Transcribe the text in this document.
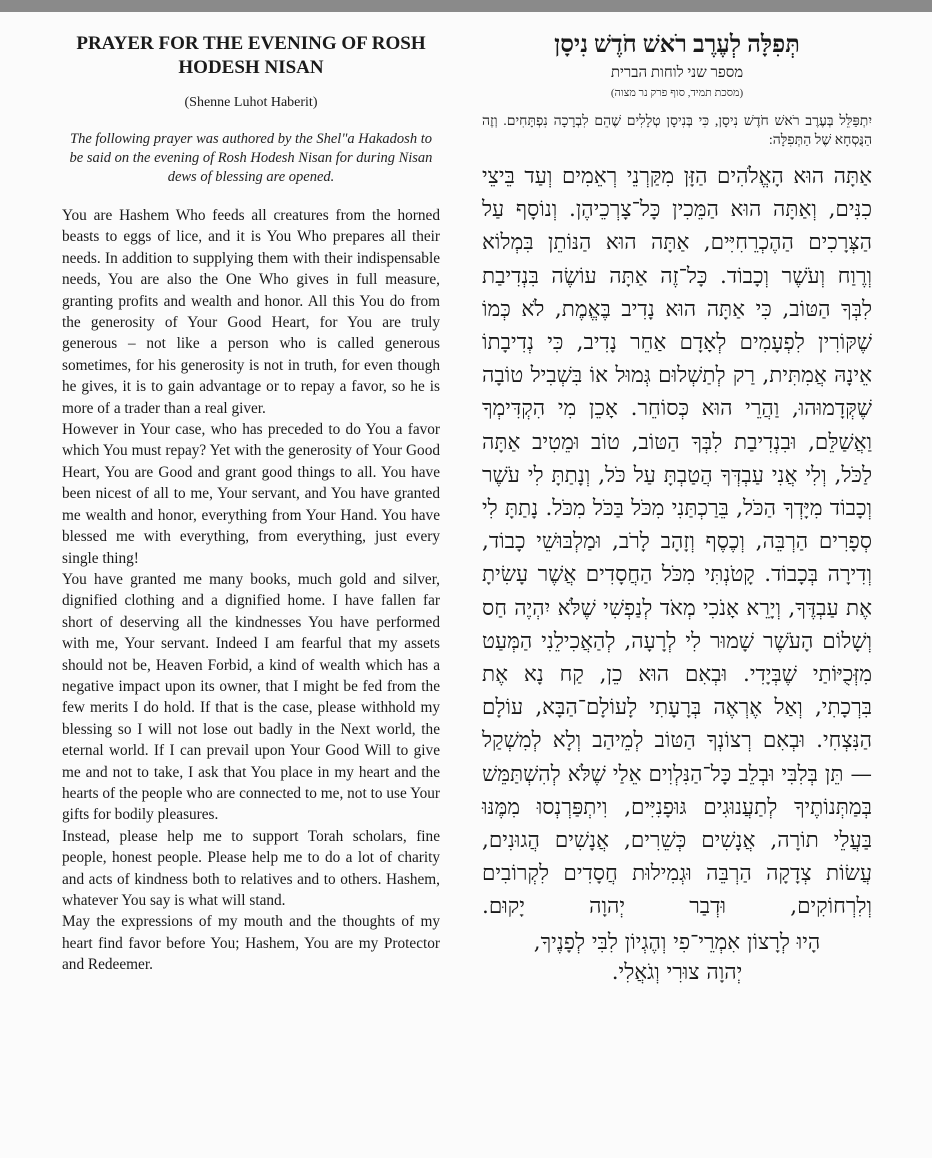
PRAYER FOR THE EVENING OF ROSH HODESH NISAN
(Shenne Luhot Haberit)
The following prayer was authored by the Shel"a Hakadosh to be said on the evening of Rosh Hodesh Nisan for during Nisan dews of blessing are opened.

You are Hashem Who feeds all creatures from the horned beasts to eggs of lice, and it is You Who prepares all their needs. In addition to supplying them with their indispensable needs, You are also the One Who gives in full measure, granting profits and wealth and honor. All this You do from the generosity of Your Good Heart, for You are truly generous – not like a person who is called generous sometimes, for his generosity is not in truth, for even though he gives, it is to gain advantage or to repay a favor, so he is more of a trader than a real giver.

However in Your case, who has preceded to do You a favor which You must repay? Yet with the generosity of Your Good Heart, You are Good and grant good things to all. You have been nicest of all to me, Your servant, and You have granted me wealth and honor, everything from Your Hand. You have blessed me with everything, from everything, just every single thing!

You have granted me many books, much gold and silver, dignified clothing and a dignified home. I have fallen far short of deserving all the kindnesses You have performed with me, Your servant. Indeed I am fearful that my assets should not be, Heaven Forbid, a kind of wealth which has a negative impact upon its owner, that I might be fed from the few merits I do hold. If that is the case, please withhold my blessing so I will not lose out badly in the Next world, the eternal world. If I can prevail upon Your Good Will to give me and not to take, I ask that You place in my heart and the hearts of the people who are connected to me, not to use Your gifts for bodily pleasures.

Instead, please help me to support Torah scholars, fine people, honest people. Please help me to do a lot of charity and acts of kindness both to relatives and to others. Hashem, whatever You say is what will stand.

May the expressions of my mouth and the thoughts of my heart find favor before You; Hashem, You are my Protector and Redeemer.

תְּפִלָּה לְעֶרֶב רֹאשׁ חֹדֶשׁ נִיסָן
מספר שני לוחות הברית
(מסכת תמיד, סוף פרק נר מצוה)
יִתְפַּלֵּל בְּעֶרֶב רֹאשׁ חֹדֶשׁ נִיסָן, כִּי בְּנִיסָן טְלָלִים שֶׁהֵם לִבְרָכָה נִפְתָּחִים. וְזֶה הַנֻּסְחָא שֶׁל הַתְּפִלָּה:
אַתָּה הוּא הָאֱלֹהִים הַזָּן מִקַּרְנֵי רְאֵמִים וְעַד בֵּיצֵי כִנִּים, וְאַתָּה הוּא הַמֵּכִין כָּל־צָרְכֵיהֶן. וְנוֹסָף עַל הַצְּרָכִים הַהֶכְרֵחִיִּים, אַתָּה הוּא הַנּוֹתֵן בִּמְלוֹא וְרֶוַח וְעֹשֶׁר וְכָבוֹד. כָּל־זֶה אַתָּה עוֹשֶׂה בִּנְדִיבַת לִבְּךָ הַטּוֹב, כִּי אַתָּה הוּא נָדִיב בֶּאֱמֶת, לֹא כְּמוֹ שֶׁקּוֹרִין לִפְעָמִים לְאָדָם אַחֵר נָדִיב, כִּי נְדִיבָתוֹ אֵינָהּ אֲמִתִּית, רַק לְתַשְׁלוּם גְּמוּל אוֹ בִּשְׁבִיל טוֹבָה שֶׁקְּדָמוּהוּ, וַהֲרֵי הוּא כְּסוֹחֵר. אָכֵן מִי הִקְדִּימְךָ וַאֲשַׁלֵּם, וּבִנְדִיבַת לִבְּךָ הַטּוֹב, טוֹב וּמֵטִיב אַתָּה לַכֹּל, וְלִי אֲנִי עַבְדְּךָ הֲטַבְתָּ עַל כֹּל, וְנָתַתָּ לִי עֹשֶׁר וְכָבוֹד מִיָּדְךָ הַכֹּל, בֵּרַכְתַּנִי מִכֹּל בַּכֹּל מִכֹּל. נָתַתָּ לִי סְפָרִים הַרְבֵּה, וְכֶסֶף וְזָהָב לָרֹב, וּמַלְבּוּשֵׁי כָבוֹד, וְדִירָה בְּכָבוֹד. קָטֹנְתִּי מִכֹּל הַחֲסָדִים אֲשֶׁר עָשִׂיתָ אֶת עַבְדֶּךָ, וְיָרֵא אָנֹכִי מְאֹד לְנַפְשִׁי שֶׁלֹּא יִהְיֶה חַס וְשָׁלוֹם הָעֹשֶׁר שָׁמוּר לִי לְרָעָה, לְהַאֲכִילֵנִי הַמְּעַט מִזְּכֻיּוֹתַי שֶׁבְּיָדִי. וּבְאִם הוּא כֵן, קַח נָא אֶת בִּרְכָתִי, וְאַל אֶרְאֶה בְּרָעָתִי לָעוֹלָם־הַבָּא, עוֹלָם הַנִּצְחִי. וּבְאִם רְצוֹנְךָ הַטּוֹב לְמֵיהַב וְלָא לְמִשְׁקַל — תֵּן בְּלִבִּי וּבְלֵב כָּל־הַנִּלְוִים אֵלַי שֶׁלֹּא לְהִשְׁתַּמֵּשׁ בְּמַתְּנוֹתֶיךָ לְתַעֲנוּגִים גּוּפָנִיִּים, וִיתְפַּרְנְסוּ מִמֶּנּוּ בַּעֲלֵי תוֹרָה, אֲנָשִׁים כְּשֵׁרִים, אֲנָשִׁים הֲגוּנִים, עֲשׂוֹת צְדָקָה הַרְבֵּה וּגְמִילוּת חֲסָדִים לִקְרוֹבִים וְלִרְחוֹקִים, וּדְבַר יְהוָה יָקוּם.
הָיוּ לְרָצוֹן אִמְרֵי־פִי וְהֶגְיוֹן לִבִּי לְפָנֶיךָ,
יְהוָה צוּרִי וְגֹאֲלִי.
